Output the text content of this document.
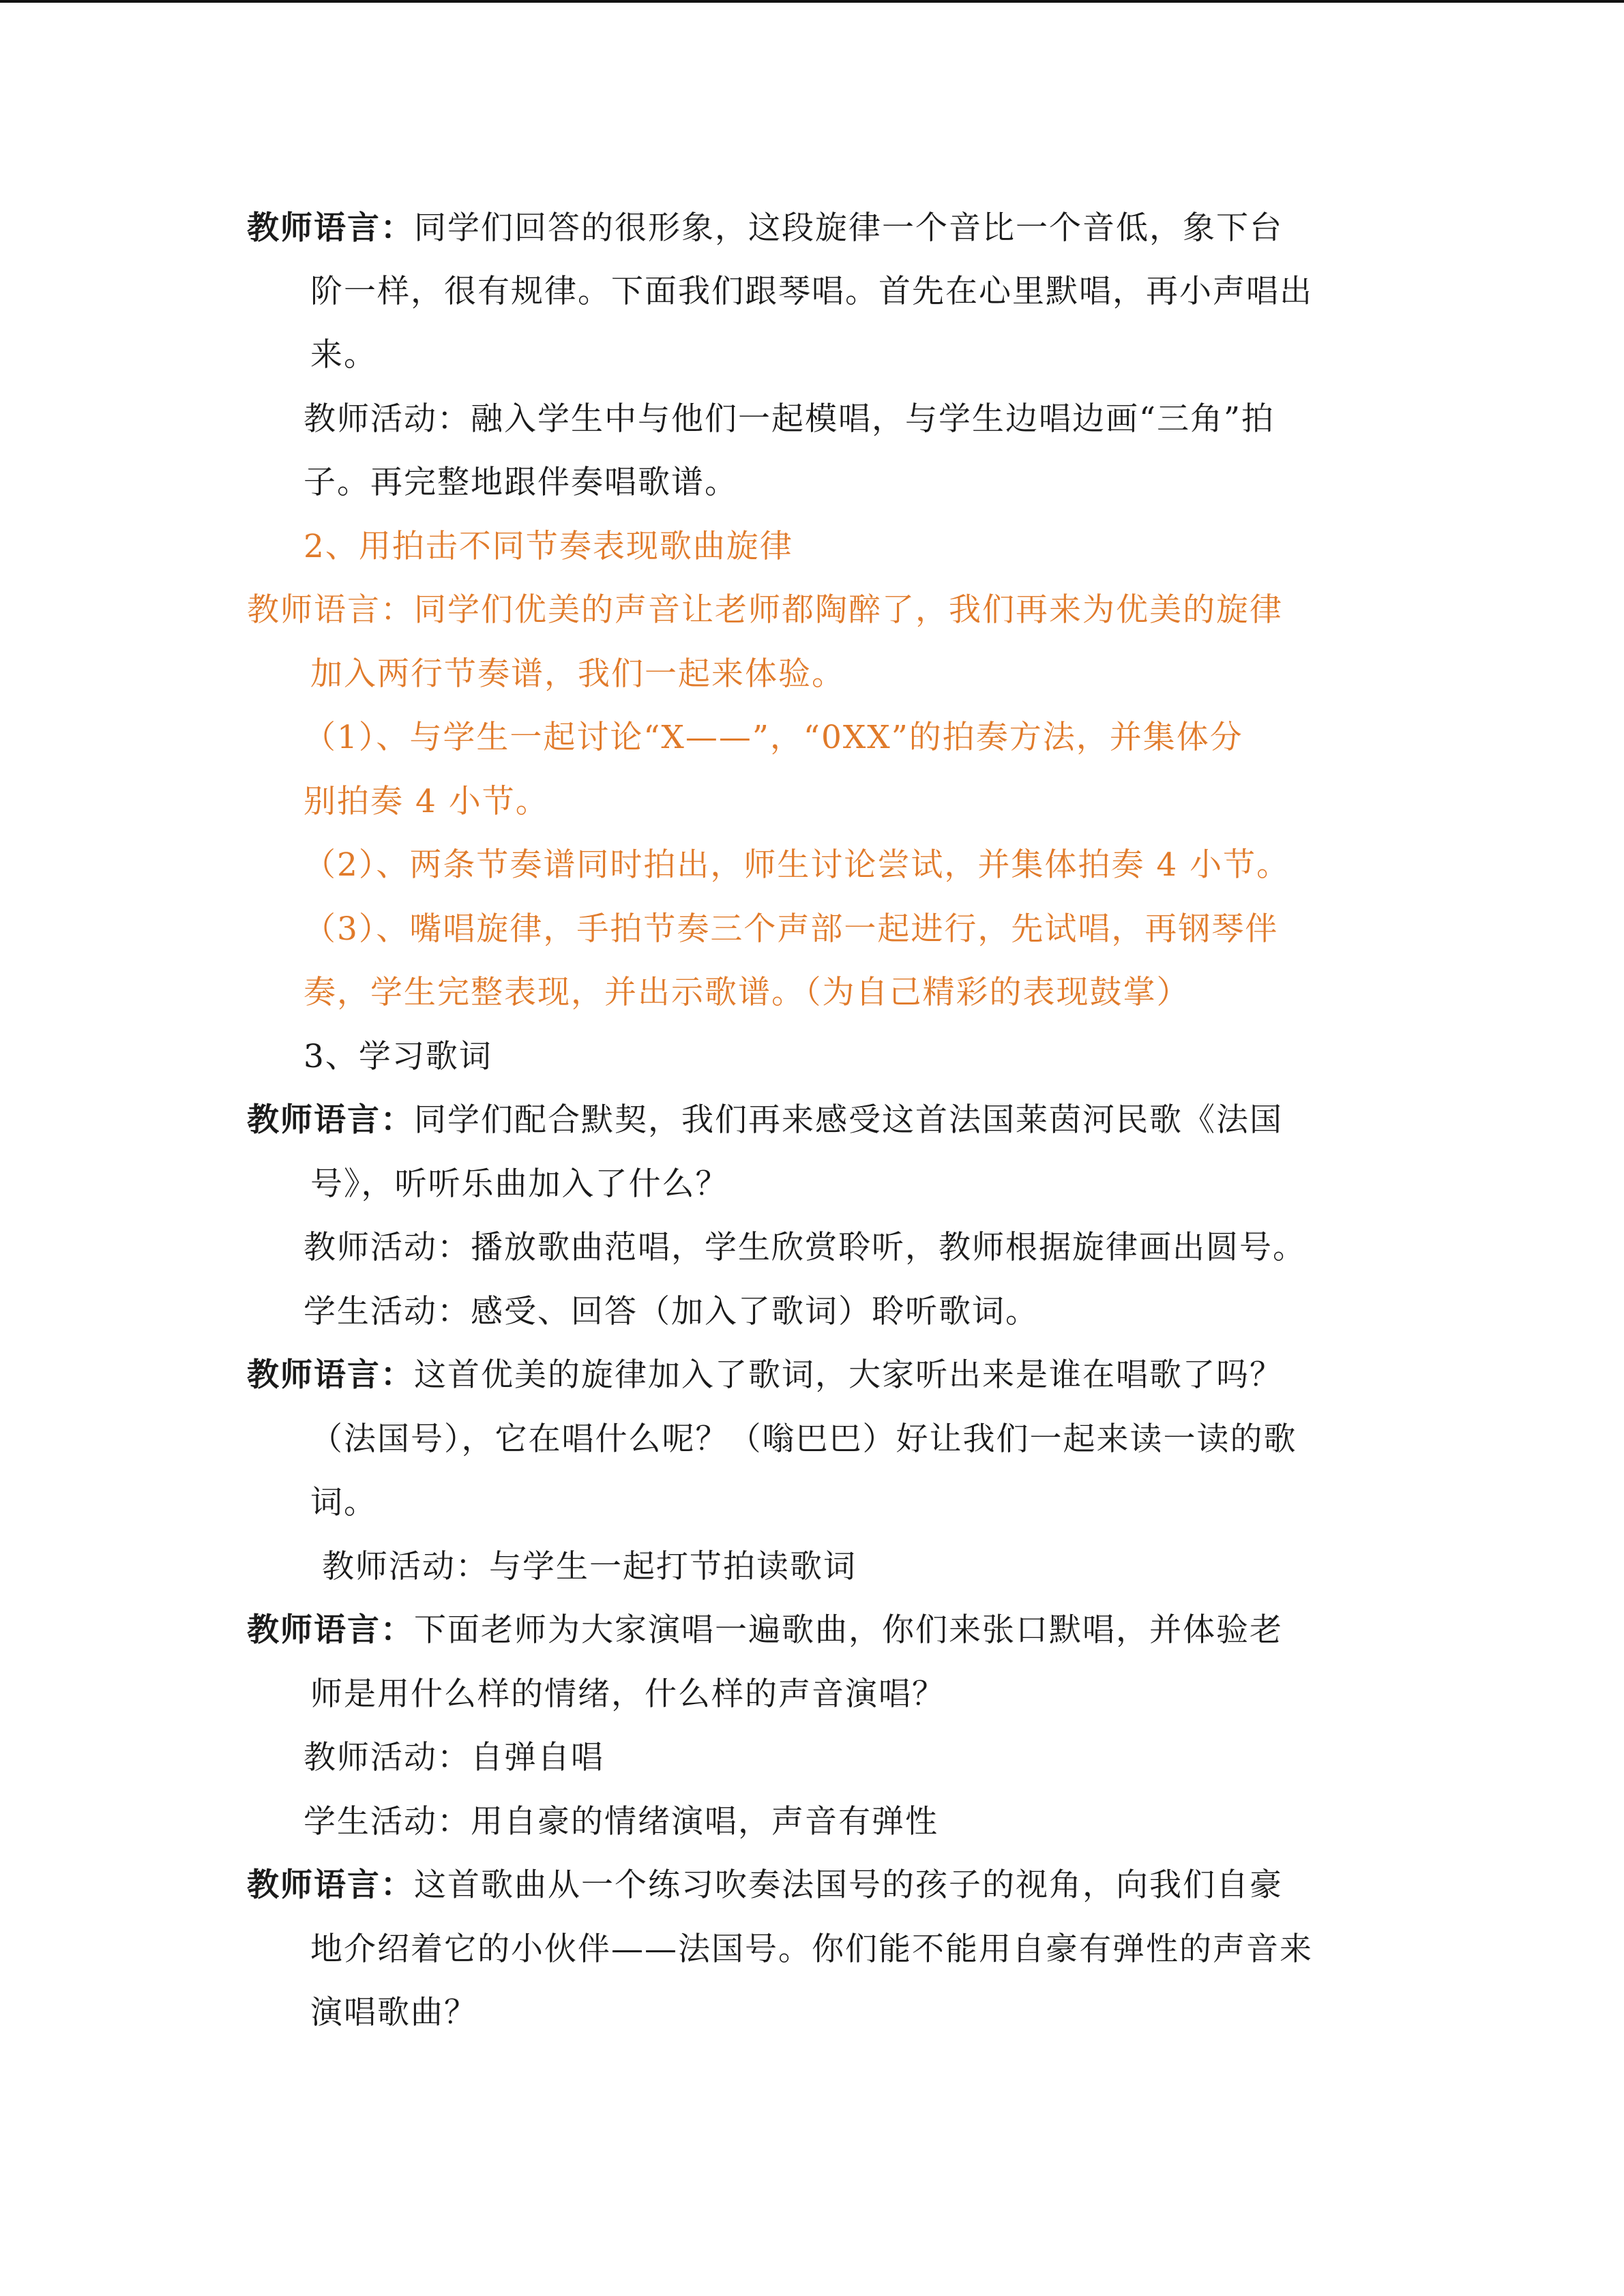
教师语言：同学们回答的很形象，这段旋律一个音比一个音低，象下台
阶一样，很有规律。下面我们跟琴唱。首先在心里默唱，再小声唱出
来。
教师活动：融入学生中与他们一起模唱，与学生边唱边画“三角”拍
子。再完整地跟伴奏唱歌谱。
2、用拍击不同节奏表现歌曲旋律
教师语言：同学们优美的声音让老师都陶醉了，我们再来为优美的旋律
加入两行节奏谱，我们一起来体验。
（1）、与学生一起讨论“X——”，“0XX”的拍奏方法，并集体分
别拍奏 4 小节。
（2）、两条节奏谱同时拍出，师生讨论尝试，并集体拍奏 4 小节。
（3）、嘴唱旋律，手拍节奏三个声部一起进行，先试唱，再钢琴伴
奏，学生完整表现，并出示歌谱。（为自己精彩的表现鼓掌）
3、学习歌词
教师语言：同学们配合默契，我们再来感受这首法国莱茵河民歌《法国
号》，听听乐曲加入了什么？
教师活动：播放歌曲范唱，学生欣赏聆听，教师根据旋律画出圆号。
学生活动：感受、回答（加入了歌词）聆听歌词。
教师语言：这首优美的旋律加入了歌词，大家听出来是谁在唱歌了吗？
（法国号），它在唱什么呢？（嗡巴巴）好让我们一起来读一读的歌
词。
教师活动：与学生一起打节拍读歌词
教师语言：下面老师为大家演唱一遍歌曲，你们来张口默唱，并体验老
师是用什么样的情绪，什么样的声音演唱？
教师活动：自弹自唱
学生活动：用自豪的情绪演唱，声音有弹性
教师语言：这首歌曲从一个练习吹奏法国号的孩子的视角，向我们自豪
地介绍着它的小伙伴——法国号。你们能不能用自豪有弹性的声音来
演唱歌曲？
